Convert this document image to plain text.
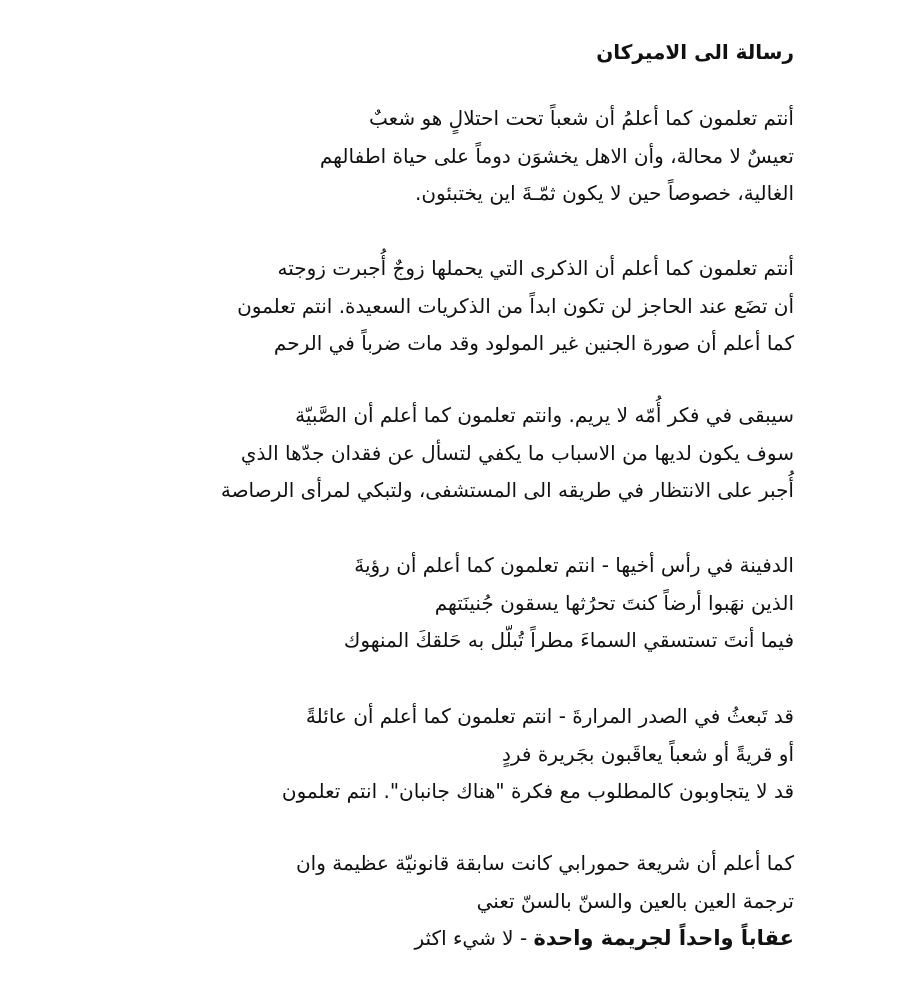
رسالة الى الاميركان
أنتم تعلمون كما أعلمُ أن شعباً تحت احتلالٍ هو شعبٌ
تعيسٌ لا محالة، وأن الاهل يخشوَن دوماً على حياة اطفالهم
الغالية، خصوصاً حين لا يكون ثمّـةَ اين يختبئون.
أنتم تعلمون كما أعلم أن الذكرى التي يحملها زوجٌ أُجبرت زوجته
أن تضَع عند الحاجز لن تكون ابداً من الذكريات السعيدة. انتم تعلمون
كما أعلم أن صورة الجنين غير المولود وقد مات ضرباً في الرحم
سيبقى في فكر أُمّه لا يريم. وانتم تعلمون كما أعلم أن الصَّبيّة
سوف يكون لديها من الاسباب ما يكفي لتسأل عن فقدان جدّها الذي
أُجبر على الانتظار في طريقه الى المستشفى، ولتبكي لمرأى الرصاصة
الدفينة في رأس أخيها - انتم تعلمون كما أعلم أن رؤيةَ
الذين نهَبوا أرضاً كنتَ تحرُثها يسقون جُنينَتهم
فيما أنتَ تستسقي السماءَ مطراً تُبلّل به حَلقكَ المنهوك
قد تَبعثُ في الصدر المرارةَ - انتم تعلمون كما أعلم أن عائلةً
أو قريةً أو شعباً يعاقَبون بجَريرة فردٍ
قد لا يتجاوبون كالمطلوب مع فكرة "هناك جانبان". انتم تعلمون
كما أعلم أن شريعة حمورابي كانت سابقة قانونيّة عظيمة وان
ترجمة العين بالعين والسنّ بالسنّ تعني
عقاباً واحداً لجريمة واحدة - لا شيء اكثر
